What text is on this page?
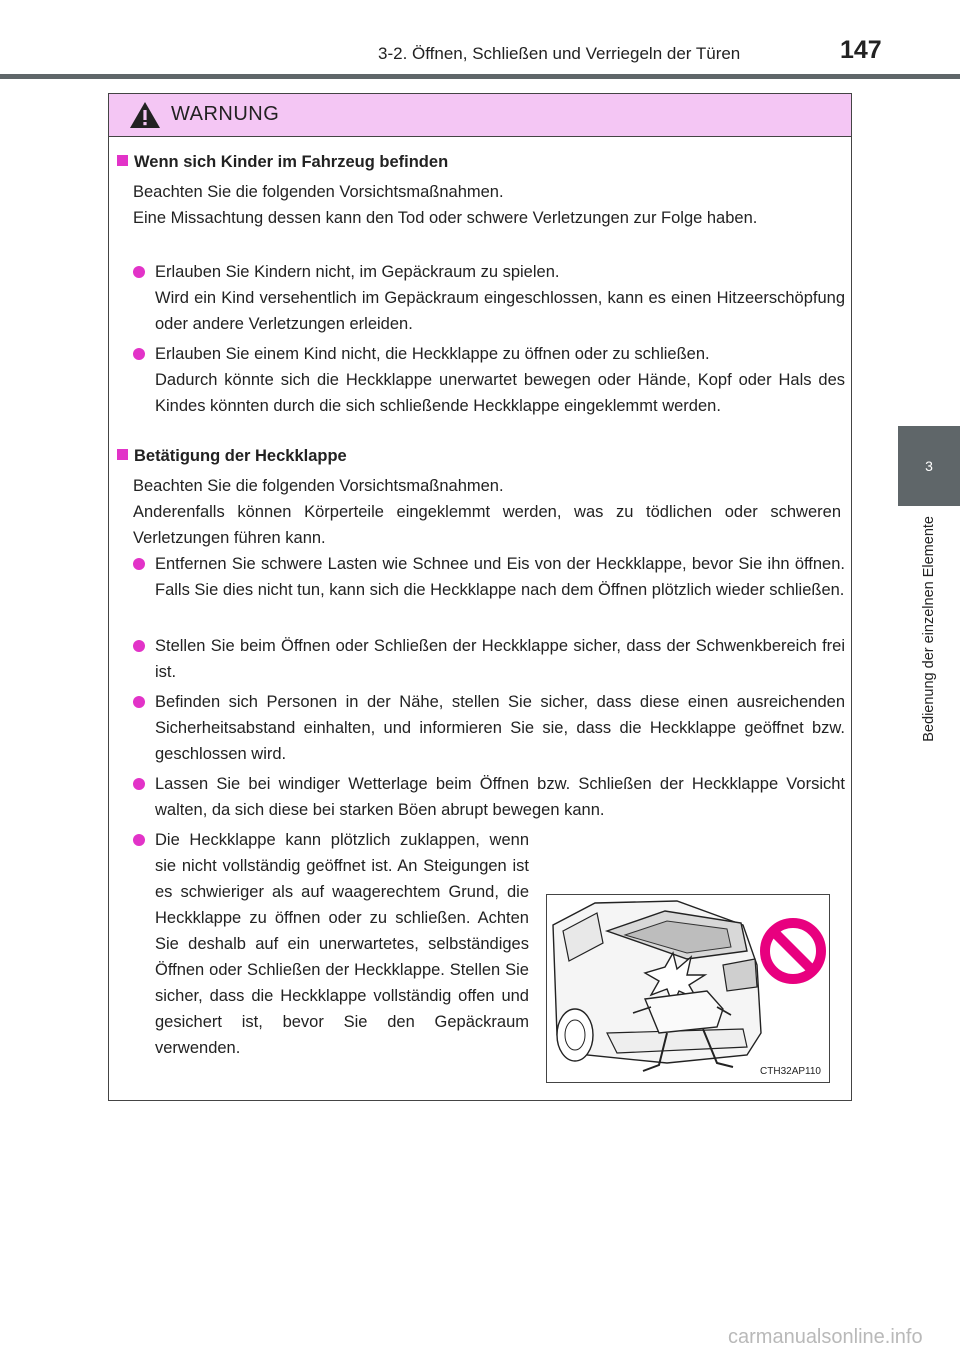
3-2. Öffnen, Schließen und Verriegeln der Türen	147
3
Bedienung der einzelnen Elemente
WARNUNG
Wenn sich Kinder im Fahrzeug befinden

Beachten Sie die folgenden Vorsichtsmaßnahmen.
Eine Missachtung dessen kann den Tod oder schwere Verletzungen zur Folge haben.

Erlauben Sie Kindern nicht, im Gepäckraum zu spielen.
Wird ein Kind versehentlich im Gepäckraum eingeschlossen, kann es einen Hitzeerschöpfung oder andere Verletzungen erleiden.

Erlauben Sie einem Kind nicht, die Heckklappe zu öffnen oder zu schließen.
Dadurch könnte sich die Heckklappe unerwartet bewegen oder Hände, Kopf oder Hals des Kindes könnten durch die sich schließende Heckklappe eingeklemmt werden.

Betätigung der Heckklappe

Beachten Sie die folgenden Vorsichtsmaßnahmen.
Anderenfalls können Körperteile eingeklemmt werden, was zu tödlichen oder schweren Verletzungen führen kann.

Entfernen Sie schwere Lasten wie Schnee und Eis von der Heckklappe, bevor Sie ihn öffnen. Falls Sie dies nicht tun, kann sich die Heckklappe nach dem Öffnen plötzlich wieder schließen.

Stellen Sie beim Öffnen oder Schließen der Heckklappe sicher, dass der Schwenkbereich frei ist.

Befinden sich Personen in der Nähe, stellen Sie sicher, dass diese einen ausreichenden Sicherheitsabstand einhalten, und informieren Sie sie, dass die Heckklappe geöffnet bzw. geschlossen wird.

Lassen Sie bei windiger Wetterlage beim Öffnen bzw. Schließen der Heckklappe Vorsicht walten, da sich diese bei starken Böen abrupt bewegen kann.

Die Heckklappe kann plötzlich zuklappen, wenn sie nicht vollständig geöffnet ist. An Steigungen ist es schwieriger als auf waagerechtem Grund, die Heckklappe zu öffnen oder zu schließen. Achten Sie deshalb auf ein unerwartetes, selbständiges Öffnen oder Schließen der Heckklappe. Stellen Sie sicher, dass die Heckklappe vollständig offen und gesichert ist, bevor Sie den Gepäckraum verwenden.

CTH32AP110
carmanualsonline.info
